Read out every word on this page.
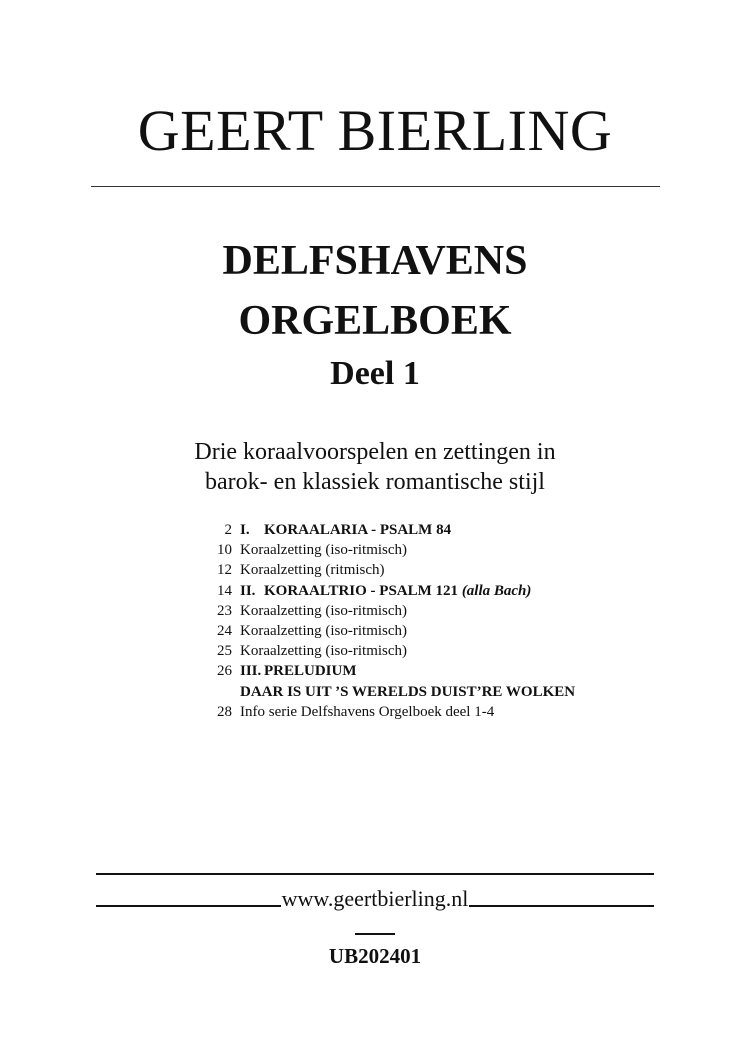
GEERT BIERLING
DELFSHAVENS
ORGELBOEK
Deel 1
Drie koraalvoorspelen en zettingen in
barok- en klassiek romantische stijl
2 I. KORAALARIA - PSALM 84
10 Koraalzetting (iso-ritmisch)
12 Koraalzetting (ritmisch)
14 II. KORAALTRIO - PSALM 121 (alla Bach)
23 Koraalzetting (iso-ritmisch)
24 Koraalzetting (iso-ritmisch)
25 Koraalzetting (iso-ritmisch)
26 III. PRELUDIUM
DAAR IS UIT ’S WERELDS DUIST’RE WOLKEN
28 Info serie Delfshavens Orgelboek deel 1-4
www.geertbierling.nl
UB202401
